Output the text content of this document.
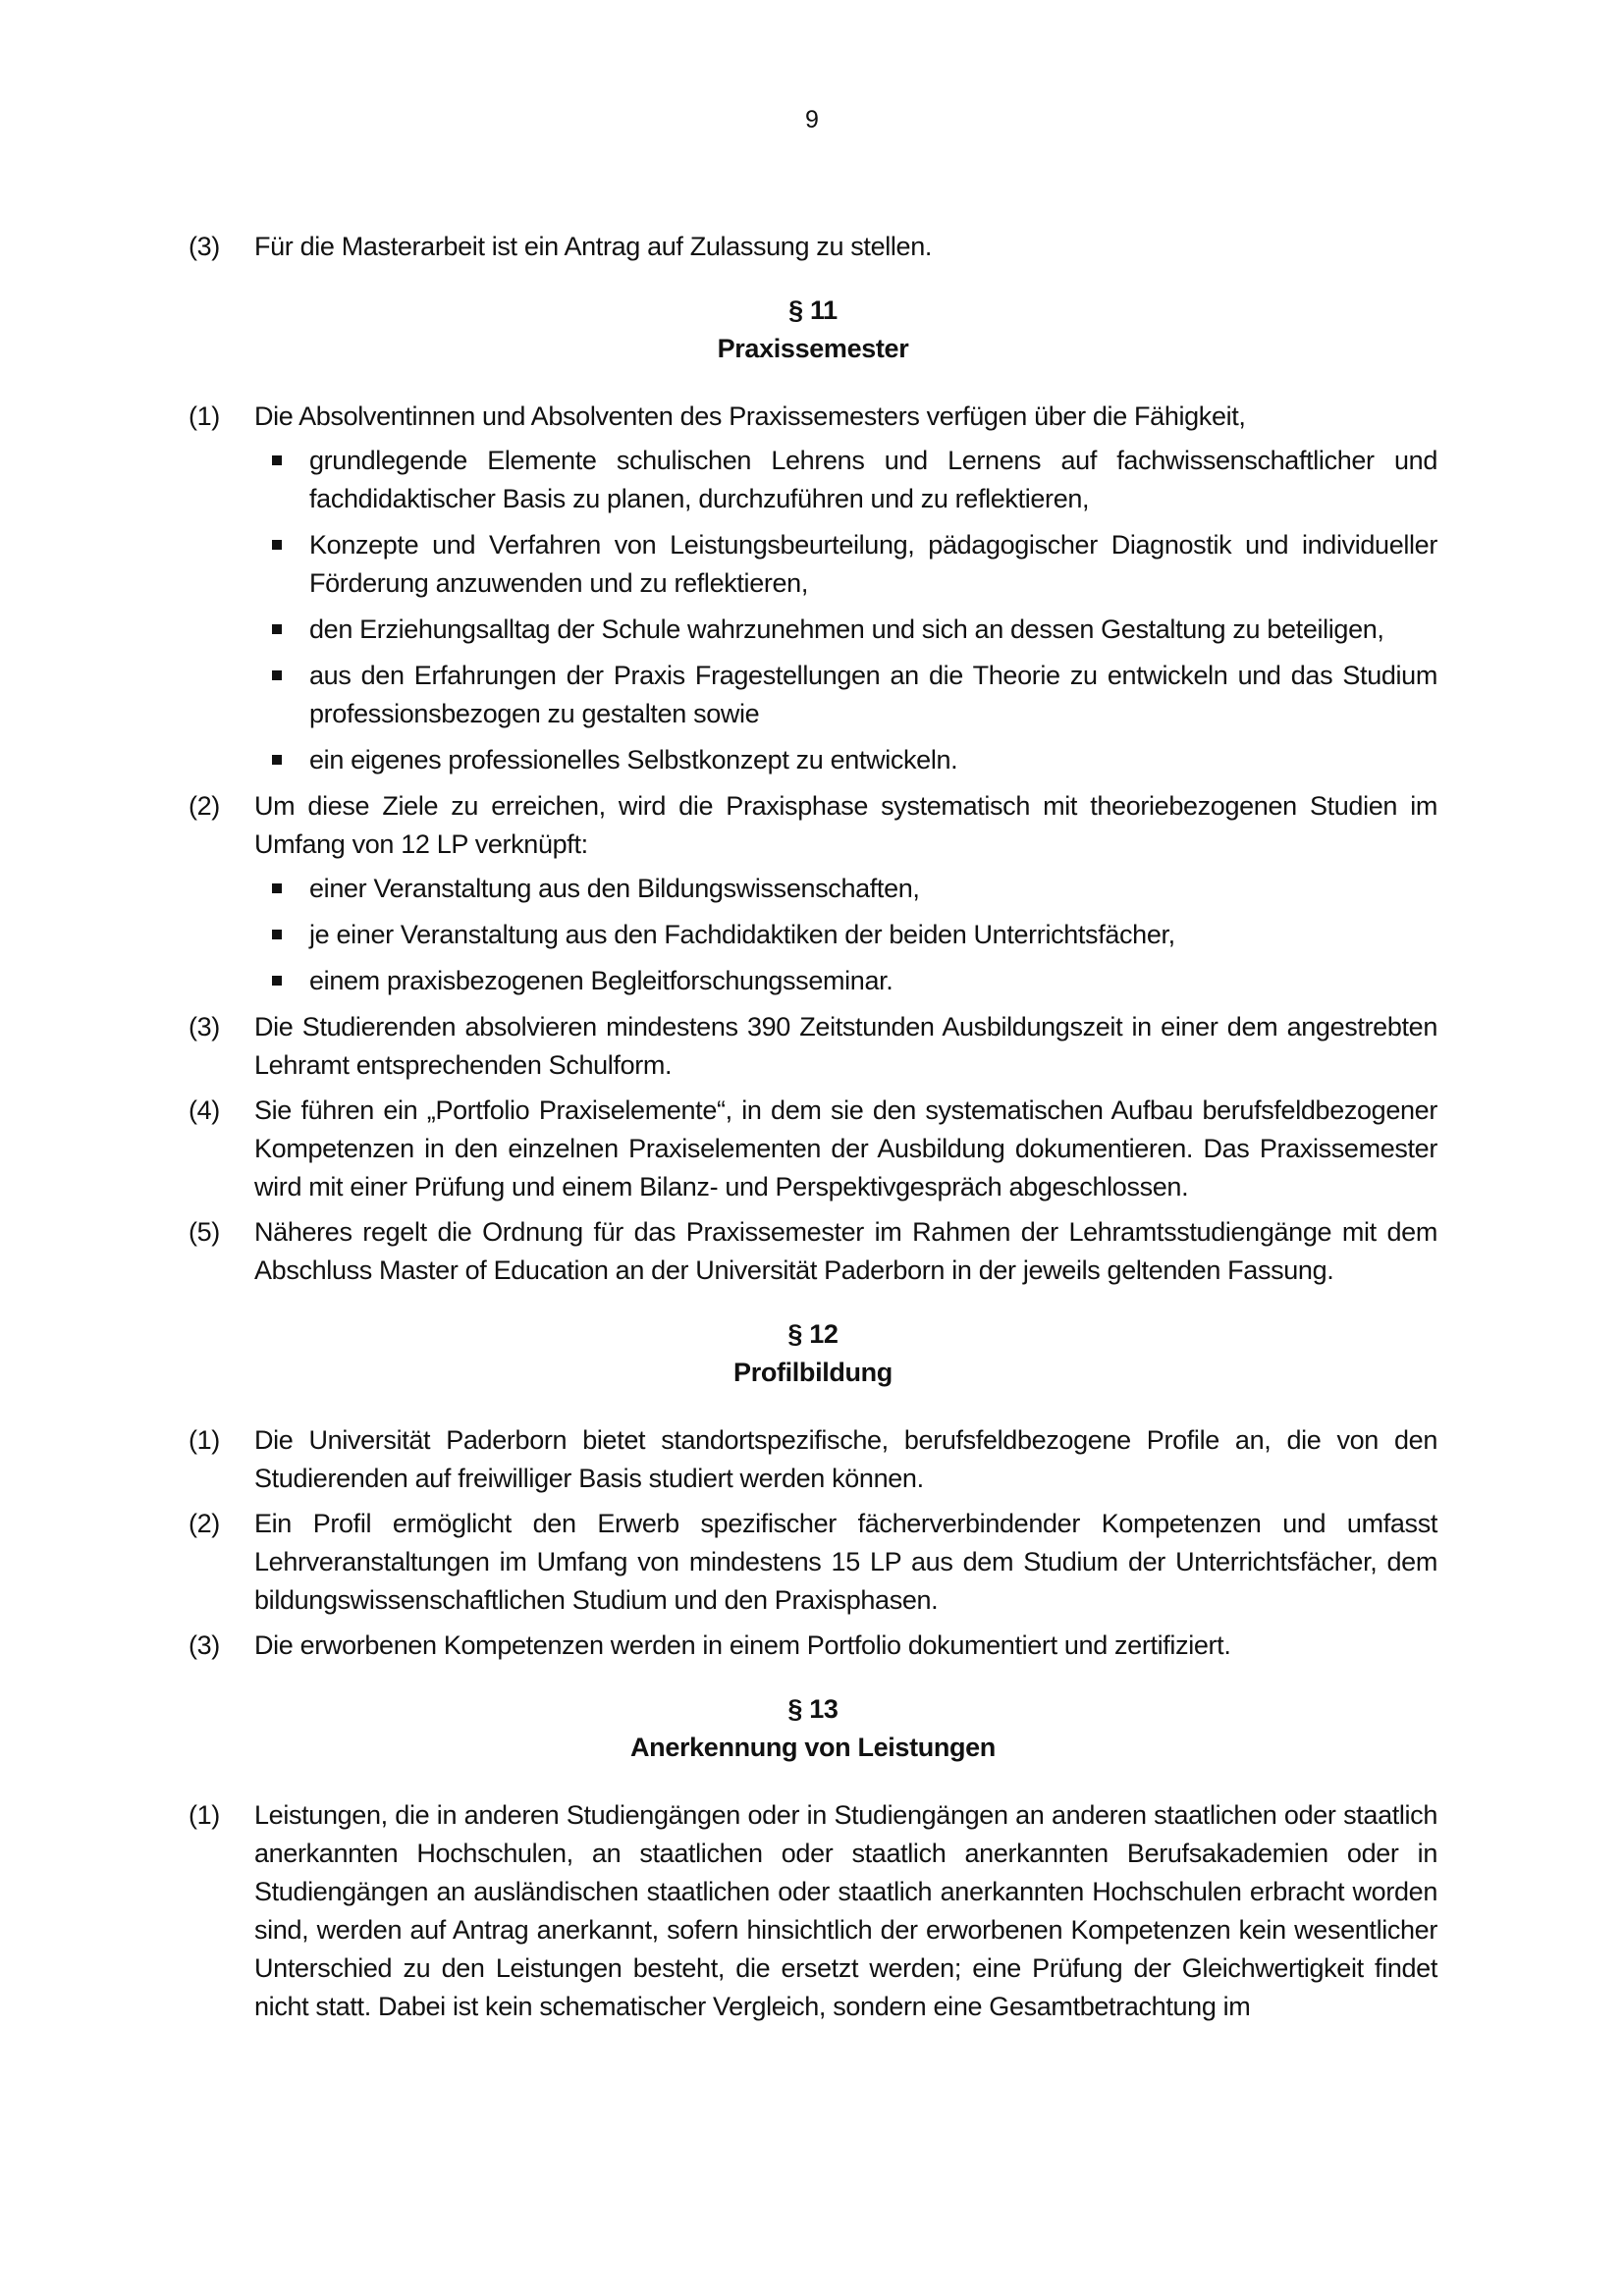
9
(3) Für die Masterarbeit ist ein Antrag auf Zulassung zu stellen.
§ 11
Praxissemester
(1) Die Absolventinnen und Absolventen des Praxissemesters verfügen über die Fähigkeit,
grundlegende Elemente schulischen Lehrens und Lernens auf fachwissenschaftlicher und fachdidaktischer Basis zu planen, durchzuführen und zu reflektieren,
Konzepte und Verfahren von Leistungsbeurteilung, pädagogischer Diagnostik und individueller Förderung anzuwenden und zu reflektieren,
den Erziehungsalltag der Schule wahrzunehmen und sich an dessen Gestaltung zu beteiligen,
aus den Erfahrungen der Praxis Fragestellungen an die Theorie zu entwickeln und das Studium professionsbezogen zu gestalten sowie
ein eigenes professionelles Selbstkonzept zu entwickeln.
(2) Um diese Ziele zu erreichen, wird die Praxisphase systematisch mit theoriebezogenen Studien im Umfang von 12 LP verknüpft:
einer Veranstaltung aus den Bildungswissenschaften,
je einer Veranstaltung aus den Fachdidaktiken der beiden Unterrichtsfächer,
einem praxisbezogenen Begleitforschungsseminar.
(3) Die Studierenden absolvieren mindestens 390 Zeitstunden Ausbildungszeit in einer dem angestrebten Lehramt entsprechenden Schulform.
(4) Sie führen ein „Portfolio Praxiselemente“, in dem sie den systematischen Aufbau berufsfeldbezogener Kompetenzen in den einzelnen Praxiselementen der Ausbildung dokumentieren. Das Praxissemester wird mit einer Prüfung und einem Bilanz- und Perspektivgespräch abgeschlossen.
(5) Näheres regelt die Ordnung für das Praxissemester im Rahmen der Lehramtsstudiengänge mit dem Abschluss Master of Education an der Universität Paderborn in der jeweils geltenden Fassung.
§ 12
Profilbildung
(1) Die Universität Paderborn bietet standortspezifische, berufsfeldbezogene Profile an, die von den Studierenden auf freiwilliger Basis studiert werden können.
(2) Ein Profil ermöglicht den Erwerb spezifischer fächerverbindender Kompetenzen und umfasst Lehrveranstaltungen im Umfang von mindestens 15 LP aus dem Studium der Unterrichtsfächer, dem bildungswissenschaftlichen Studium und den Praxisphasen.
(3) Die erworbenen Kompetenzen werden in einem Portfolio dokumentiert und zertifiziert.
§ 13
Anerkennung von Leistungen
(1) Leistungen, die in anderen Studiengängen oder in Studiengängen an anderen staatlichen oder staatlich anerkannten Hochschulen, an staatlichen oder staatlich anerkannten Berufsakademien oder in Studiengängen an ausländischen staatlichen oder staatlich anerkannten Hochschulen erbracht worden sind, werden auf Antrag anerkannt, sofern hinsichtlich der erworbenen Kompetenzen kein wesentlicher Unterschied zu den Leistungen besteht, die ersetzt werden; eine Prüfung der Gleichwertigkeit findet nicht statt. Dabei ist kein schematischer Vergleich, sondern eine Gesamtbetrachtung im
